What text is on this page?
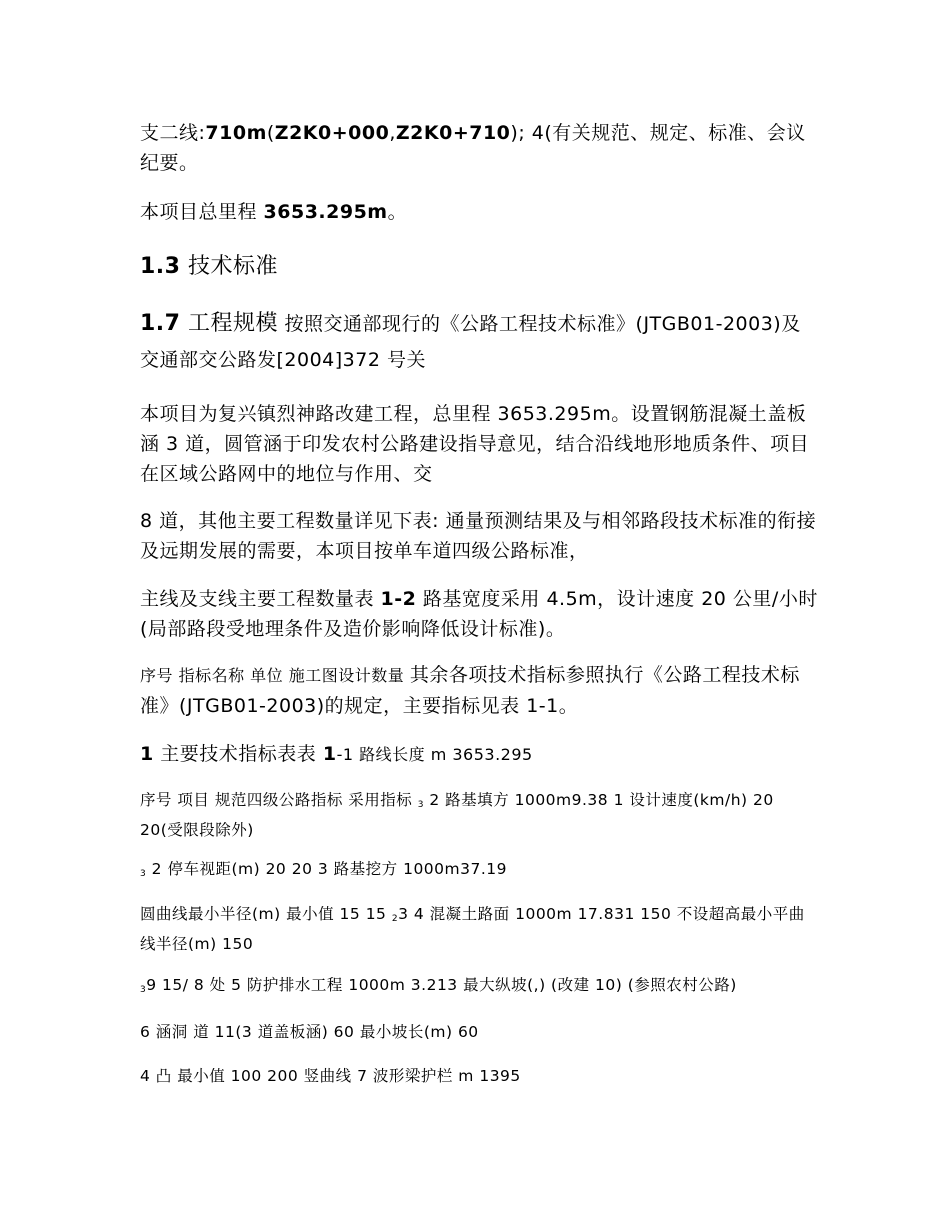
支二线:710m(Z2K0+000,Z2K0+710); 4(有关规范、规定、标准、会议纪要。

本项目总里程 3653.295m。

1.3 技术标准

1.7 工程规模 按照交通部现行的《公路工程技术标准》(JTGB01-2003)及交通部交公路发[2004]372 号关

本项目为复兴镇烈神路改建工程，总里程 3653.295m。设置钢筋混凝土盖板涵 3 道，圆管涵于印发农村公路建设指导意见，结合沿线地形地质条件、项目在区域公路网中的地位与作用、交

8 道，其他主要工程数量详见下表: 通量预测结果及与相邻路段技术标准的衔接及远期发展的需要，本项目按单车道四级公路标准，

主线及支线主要工程数量表 1-2 路基宽度采用 4.5m，设计速度 20 公里/小时(局部路段受地理条件及造价影响降低设计标准)。

序号 指标名称 单位 施工图设计数量 其余各项技术指标参照执行《公路工程技术标准》(JTGB01-2003)的规定，主要指标见表 1-1。

1 主要技术指标表表 1-1 路线长度 m 3653.295

序号 项目 规范四级公路指标 采用指标 3 2 路基填方 1000m9.38 1 设计速度(km/h) 20 20(受限段除外)

3 2 停车视距(m) 20 20 3 路基挖方 1000m37.19

圆曲线最小半径(m) 最小值 15 15 23 4 混凝土路面 1000m 17.831 150 不设超高最小平曲线半径(m) 150

39 15/ 8 处 5 防护排水工程 1000m 3.213 最大纵坡(,) (改建 10) (参照农村公路)

6 涵洞 道 11(3 道盖板涵) 60 最小坡长(m) 60

4 凸 最小值 100 200 竖曲线 7 波形梁护栏 m 1395
